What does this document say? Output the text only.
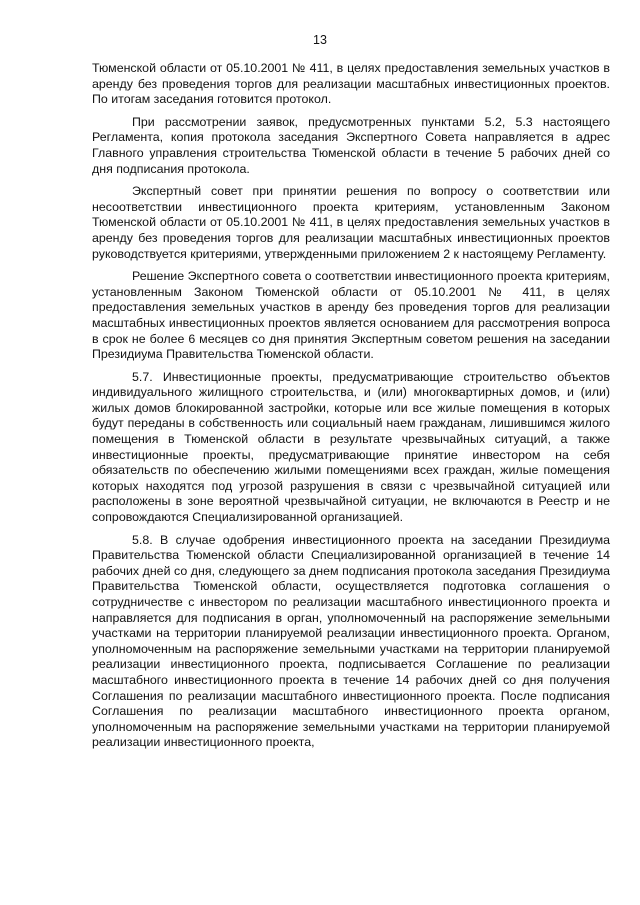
13

Тюменской области от 05.10.2001 № 411, в целях предоставления земельных участков в аренду без проведения торгов для реализации масштабных инвестиционных проектов. По итогам заседания готовится протокол.

При рассмотрении заявок, предусмотренных пунктами 5.2, 5.3 настоящего Регламента, копия протокола заседания Экспертного Совета направляется в адрес Главного управления строительства Тюменской области в течение 5 рабочих дней со дня подписания протокола.

Экспертный совет при принятии решения по вопросу о соответствии или несоответствии инвестиционного проекта критериям, установленным Законом Тюменской области от 05.10.2001 № 411, в целях предоставления земельных участков в аренду без проведения торгов для реализации масштабных инвестиционных проектов руководствуется критериями, утвержденными приложением 2 к настоящему Регламенту.

Решение Экспертного совета о соответствии инвестиционного проекта критериям, установленным Законом Тюменской области от 05.10.2001 № 411, в целях предоставления земельных участков в аренду без проведения торгов для реализации масштабных инвестиционных проектов является основанием для рассмотрения вопроса в срок не более 6 месяцев со дня принятия Экспертным советом решения на заседании Президиума Правительства Тюменской области.

5.7. Инвестиционные проекты, предусматривающие строительство объектов индивидуального жилищного строительства, и (или) многоквартирных домов, и (или) жилых домов блокированной застройки, которые или все жилые помещения в которых будут переданы в собственность или социальный наем гражданам, лишившимся жилого помещения в Тюменской области в результате чрезвычайных ситуаций, а также инвестиционные проекты, предусматривающие принятие инвестором на себя обязательств по обеспечению жилыми помещениями всех граждан, жилые помещения которых находятся под угрозой разрушения в связи с чрезвычайной ситуацией или расположены в зоне вероятной чрезвычайной ситуации, не включаются в Реестр и не сопровождаются Специализированной организацией.

5.8. В случае одобрения инвестиционного проекта на заседании Президиума Правительства Тюменской области Специализированной организацией в течение 14 рабочих дней со дня, следующего за днем подписания протокола заседания Президиума Правительства Тюменской области, осуществляется подготовка соглашения о сотрудничестве с инвестором по реализации масштабного инвестиционного проекта и направляется для подписания в орган, уполномоченный на распоряжение земельными участками на территории планируемой реализации инвестиционного проекта. Органом, уполномоченным на распоряжение земельными участками на территории планируемой реализации инвестиционного проекта, подписывается Соглашение по реализации масштабного инвестиционного проекта в течение 14 рабочих дней со дня получения Соглашения по реализации масштабного инвестиционного проекта. После подписания Соглашения по реализации масштабного инвестиционного проекта органом, уполномоченным на распоряжение земельными участками на территории планируемой реализации инвестиционного проекта,
